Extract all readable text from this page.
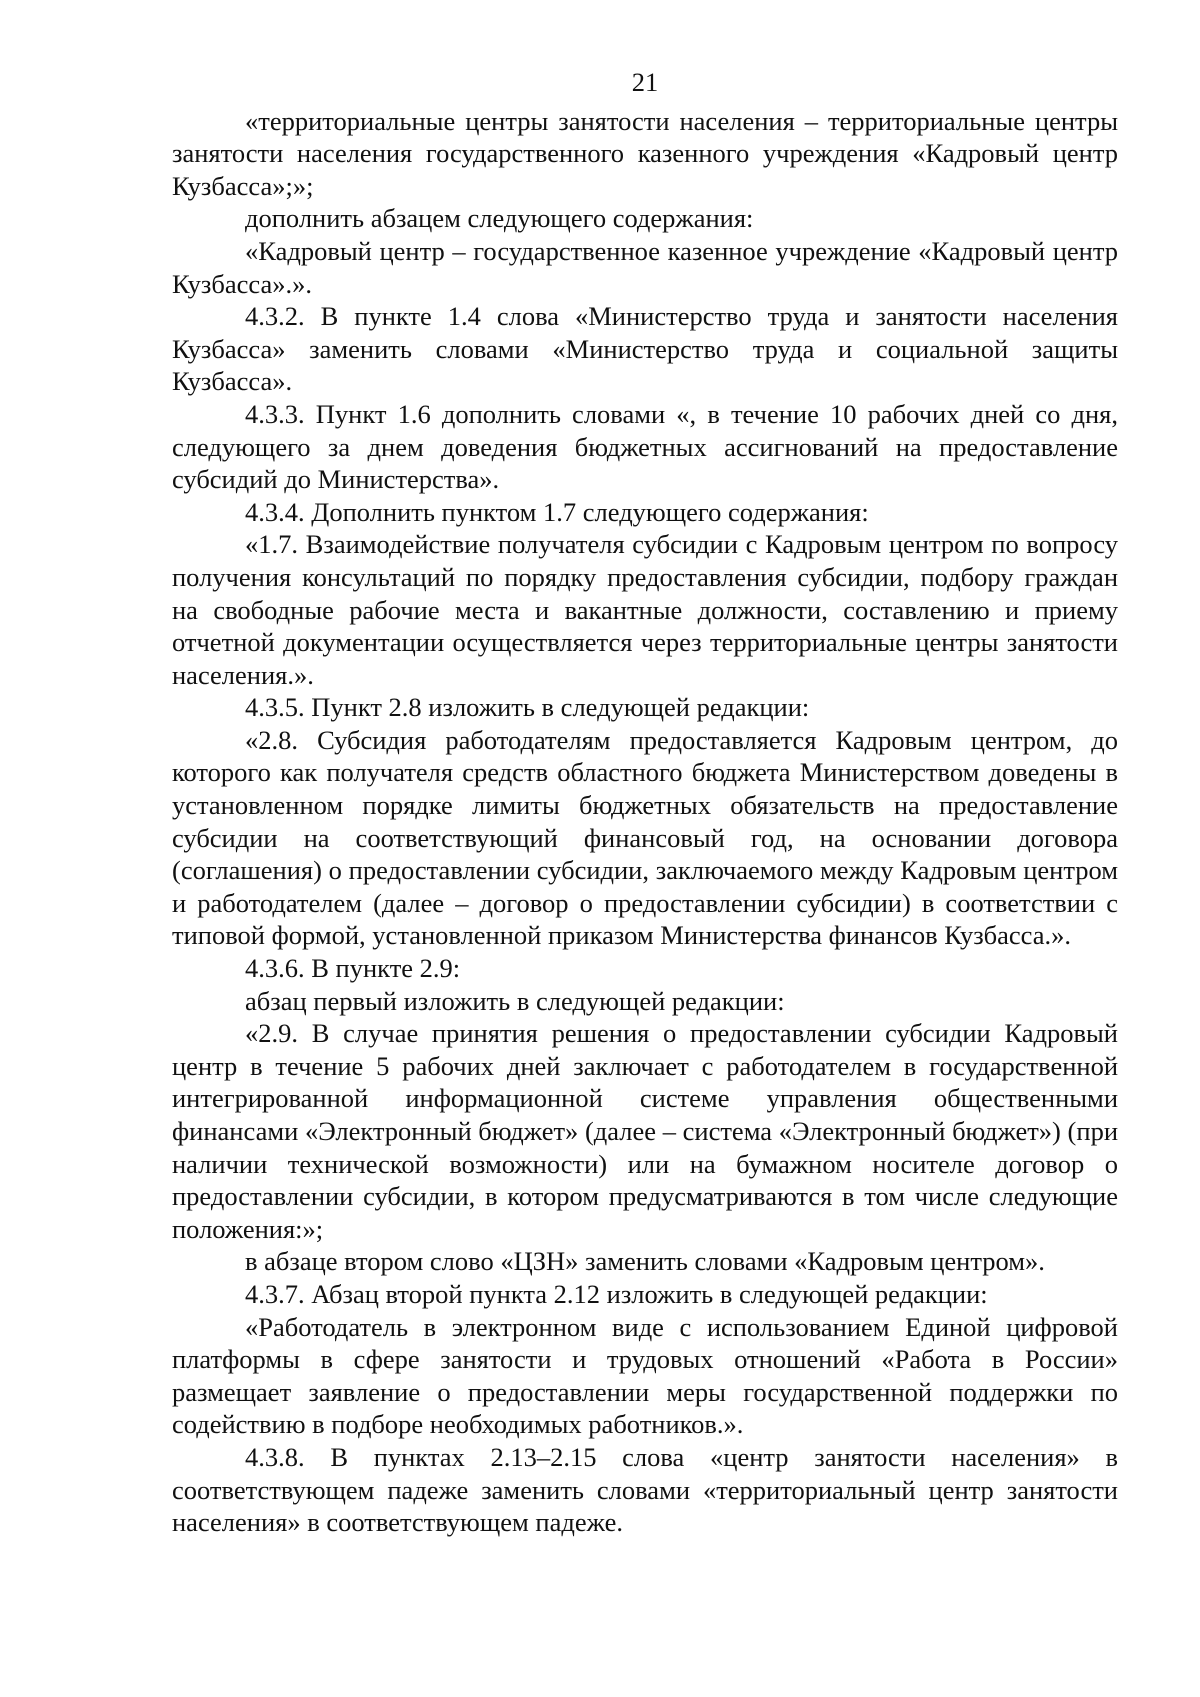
21

«территориальные центры занятости населения – территориальные центры занятости населения государственного казенного учреждения «Кадровый центр Кузбасса»;»;

дополнить абзацем следующего содержания:

«Кадровый центр – государственное казенное учреждение «Кадровый центр Кузбасса».».

4.3.2. В пункте 1.4 слова «Министерство труда и занятости населения Кузбасса» заменить словами «Министерство труда и социальной защиты Кузбасса».

4.3.3. Пункт 1.6 дополнить словами «, в течение 10 рабочих дней со дня, следующего за днем доведения бюджетных ассигнований на предоставление субсидий до Министерства».

4.3.4. Дополнить пунктом 1.7 следующего содержания:

«1.7. Взаимодействие получателя субсидии с Кадровым центром по вопросу получения консультаций по порядку предоставления субсидии, подбору граждан на свободные рабочие места и вакантные должности, составлению и приему отчетной документации осуществляется через территориальные центры занятости населения.».

4.3.5. Пункт 2.8 изложить в следующей редакции:

«2.8. Субсидия работодателям предоставляется Кадровым центром, до которого как получателя средств областного бюджета Министерством доведены в установленном порядке лимиты бюджетных обязательств на предоставление субсидии на соответствующий финансовый год, на основании договора (соглашения) о предоставлении субсидии, заключаемого между Кадровым центром и работодателем (далее – договор о предоставлении субсидии) в соответствии с типовой формой, установленной приказом Министерства финансов Кузбасса.».

4.3.6. В пункте 2.9:

абзац первый изложить в следующей редакции:

«2.9. В случае принятия решения о предоставлении субсидии Кадровый центр в течение 5 рабочих дней заключает с работодателем в государственной интегрированной информационной системе управления общественными финансами «Электронный бюджет» (далее – система «Электронный бюджет») (при наличии технической возможности) или на бумажном носителе договор о предоставлении субсидии, в котором предусматриваются в том числе следующие положения:»;

в абзаце втором слово «ЦЗН» заменить словами «Кадровым центром».

4.3.7. Абзац второй пункта 2.12 изложить в следующей редакции:

«Работодатель в электронном виде с использованием Единой цифровой платформы в сфере занятости и трудовых отношений «Работа в России» размещает заявление о предоставлении меры государственной поддержки по содействию в подборе необходимых работников.».

4.3.8. В пунктах 2.13–2.15 слова «центр занятости населения» в соответствующем падеже заменить словами «территориальный центр занятости населения» в соответствующем падеже.
